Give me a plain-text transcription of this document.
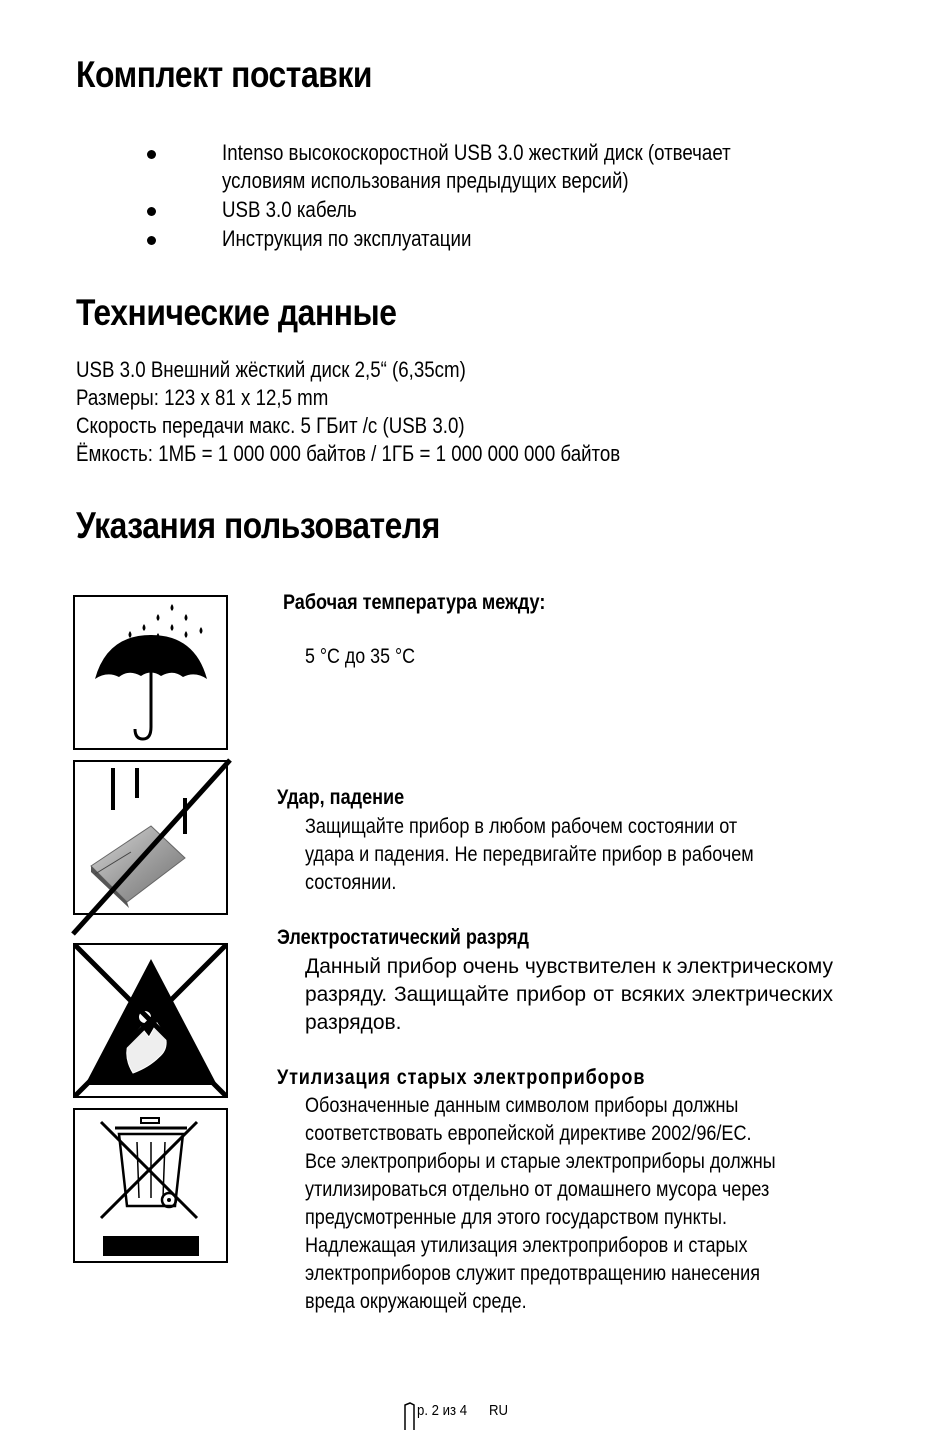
Комплект поставки
Intenso высокоскоростной USB 3.0 жесткий диск (отвечает
условиям использования предыдущих версий)
USB 3.0 кабель
Инструкция по эксплуатации
Технические данные
USB 3.0 Внешний жёсткий диск 2,5“ (6,35cm)
Размеры: 123 x 81 x 12,5 mm
Скорость передачи макс. 5 ГБит /с (USB 3.0)
Ёмкость: 1МБ = 1 000 000 байтов / 1ГБ = 1 000 000 000 байтов
Указания пользователя
Рабочая температура между:
5 °C до 35 °C
Удар, падение
Защищайте прибор в любом рабочем состоянии от
удара и падения. Не передвигайте прибор в рабочем
состоянии.
Электростатический разряд
Данный прибор очень чувствителен к электрическому
разряду. Защищайте прибор от всяких электрических
разрядов.
Утилизация старых электроприборов
Обозначенные данным символом приборы должны
соответствовать европейской директиве 2002/96/EC.
Все электроприборы и старые электроприборы должны
утилизироваться отдельно от домашнего мусора через
предусмотренные для этого государством пункты.
Надлежащая утилизация электроприборов и старых
электроприборов служит предотвращению нанесения
вреда окружающей среде.
р. 2 из 4 RU
